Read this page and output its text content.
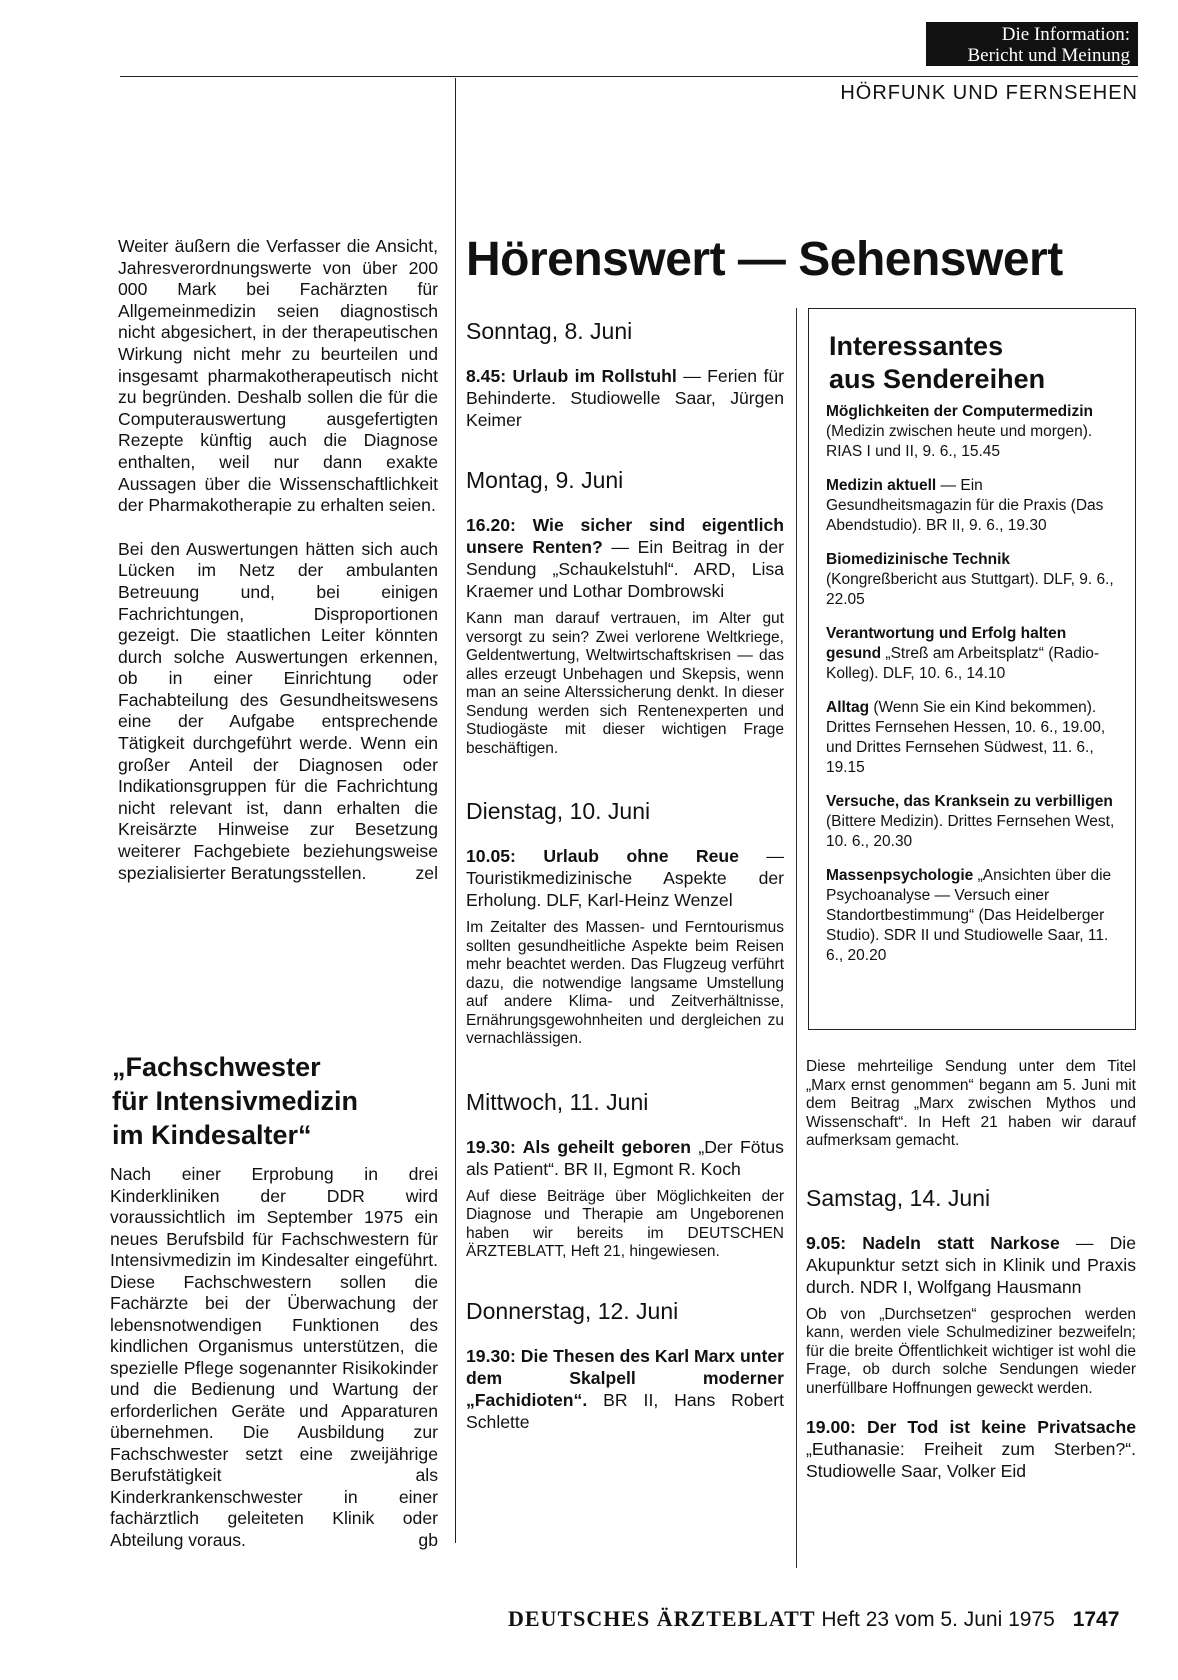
Die Information:
Bericht und Meinung
HÖRFUNK UND FERNSEHEN

Weiter äußern die Verfasser die Ansicht, Jahresverordnungswerte von über 200 000 Mark bei Fachärzten für Allgemeinmedizin seien diagnostisch nicht abgesichert, in der therapeutischen Wirkung nicht mehr zu beurteilen und insgesamt pharmakotherapeutisch nicht zu begründen. Deshalb sollen die für die Computerauswertung ausgefertigten Rezepte künftig auch die Diagnose enthalten, weil nur dann exakte Aussagen über die Wissenschaftlichkeit der Pharmakotherapie zu erhalten seien.

Bei den Auswertungen hätten sich auch Lücken im Netz der ambulanten Betreuung und, bei einigen Fachrichtungen, Disproportionen gezeigt. Die staatlichen Leiter könnten durch solche Auswertungen erkennen, ob in einer Einrichtung oder Fachabteilung des Gesundheitswesens eine der Aufgabe entsprechende Tätigkeit durchgeführt werde. Wenn ein großer Anteil der Diagnosen oder Indikationsgruppen für die Fachrichtung nicht relevant ist, dann erhalten die Kreisärzte Hinweise zur Besetzung weiterer Fachgebiete beziehungsweise spezialisierter Beratungsstellen.	zel

„Fachschwester
für Intensivmedizin
im Kindesalter“

Nach einer Erprobung in drei Kinderkliniken der DDR wird voraussichtlich im September 1975 ein neues Berufsbild für Fachschwestern für Intensivmedizin im Kindesalter eingeführt. Diese Fachschwestern sollen die Fachärzte bei der Überwachung der lebensnotwendigen Funktionen des kindlichen Organismus unterstützen, die spezielle Pflege sogenannter Risikokinder und die Bedienung und Wartung der erforderlichen Geräte und Apparaturen übernehmen. Die Ausbildung zur Fachschwester setzt eine zweijährige Berufstätigkeit als Kinderkrankenschwester in einer fachärztlich geleiteten Klinik oder Abteilung voraus.	gb

Hörenswert — Sehenswert
Sonntag, 8. Juni
8.45: Urlaub im Rollstuhl — Ferien für Behinderte. Studiowelle Saar, Jürgen Keimer
Montag, 9. Juni
16.20: Wie sicher sind eigentlich unsere Renten? — Ein Beitrag in der Sendung „Schaukelstuhl“. ARD, Lisa Kraemer und Lothar Dombrowski
Kann man darauf vertrauen, im Alter gut versorgt zu sein? Zwei verlorene Weltkriege, Geldentwertung, Weltwirtschaftskrisen — das alles erzeugt Unbehagen und Skepsis, wenn man an seine Alterssicherung denkt. In dieser Sendung werden sich Rentenexperten und Studiogäste mit dieser wichtigen Frage beschäftigen.
Dienstag, 10. Juni
10.05: Urlaub ohne Reue — Touristikmedizinische Aspekte der Erholung. DLF, Karl-Heinz Wenzel
Im Zeitalter des Massen- und Ferntourismus sollten gesundheitliche Aspekte beim Reisen mehr beachtet werden. Das Flugzeug verführt dazu, die notwendige langsame Umstellung auf andere Klima- und Zeitverhältnisse, Ernährungsgewohnheiten und dergleichen zu vernachlässigen.
Mittwoch, 11. Juni
19.30: Als geheilt geboren „Der Fötus als Patient“. BR II, Egmont R. Koch
Auf diese Beiträge über Möglichkeiten der Diagnose und Therapie am Ungeborenen haben wir bereits im DEUTSCHEN ÄRZTEBLATT, Heft 21, hingewiesen.
Donnerstag, 12. Juni
19.30: Die Thesen des Karl Marx unter dem Skalpell moderner „Fachidioten“. BR II, Hans Robert Schlette
Interessantes
aus Sendereihen
Möglichkeiten der Computermedizin (Medizin zwischen heute und morgen). RIAS I und II, 9. 6., 15.45
Medizin aktuell — Ein Gesundheitsmagazin für die Praxis (Das Abendstudio). BR II, 9. 6., 19.30
Biomedizinische Technik (Kongreßbericht aus Stuttgart). DLF, 9. 6., 22.05
Verantwortung und Erfolg halten gesund „Streß am Arbeitsplatz“ (Radio-Kolleg). DLF, 10. 6., 14.10
Alltag (Wenn Sie ein Kind bekommen). Drittes Fernsehen Hessen, 10. 6., 19.00, und Drittes Fernsehen Südwest, 11. 6., 19.15
Versuche, das Kranksein zu verbilligen (Bittere Medizin). Drittes Fernsehen West, 10. 6., 20.30
Massenpsychologie „Ansichten über die Psychoanalyse — Versuch einer Standortbestimmung“ (Das Heidelberger Studio). SDR II und Studiowelle Saar, 11. 6., 20.20
Diese mehrteilige Sendung unter dem Titel „Marx ernst genommen“ begann am 5. Juni mit dem Beitrag „Marx zwischen Mythos und Wissenschaft“. In Heft 21 haben wir darauf aufmerksam gemacht.
Samstag, 14. Juni
9.05: Nadeln statt Narkose — Die Akupunktur setzt sich in Klinik und Praxis durch. NDR I, Wolfgang Hausmann
Ob von „Durchsetzen“ gesprochen werden kann, werden viele Schulmediziner bezweifeln; für die breite Öffentlichkeit wichtiger ist wohl die Frage, ob durch solche Sendungen wieder unerfüllbare Hoffnungen geweckt werden.
19.00: Der Tod ist keine Privatsache „Euthanasie: Freiheit zum Sterben?“. Studiowelle Saar, Volker Eid
DEUTSCHES ÄRZTEBLATT Heft 23 vom 5. Juni 1975 1747
